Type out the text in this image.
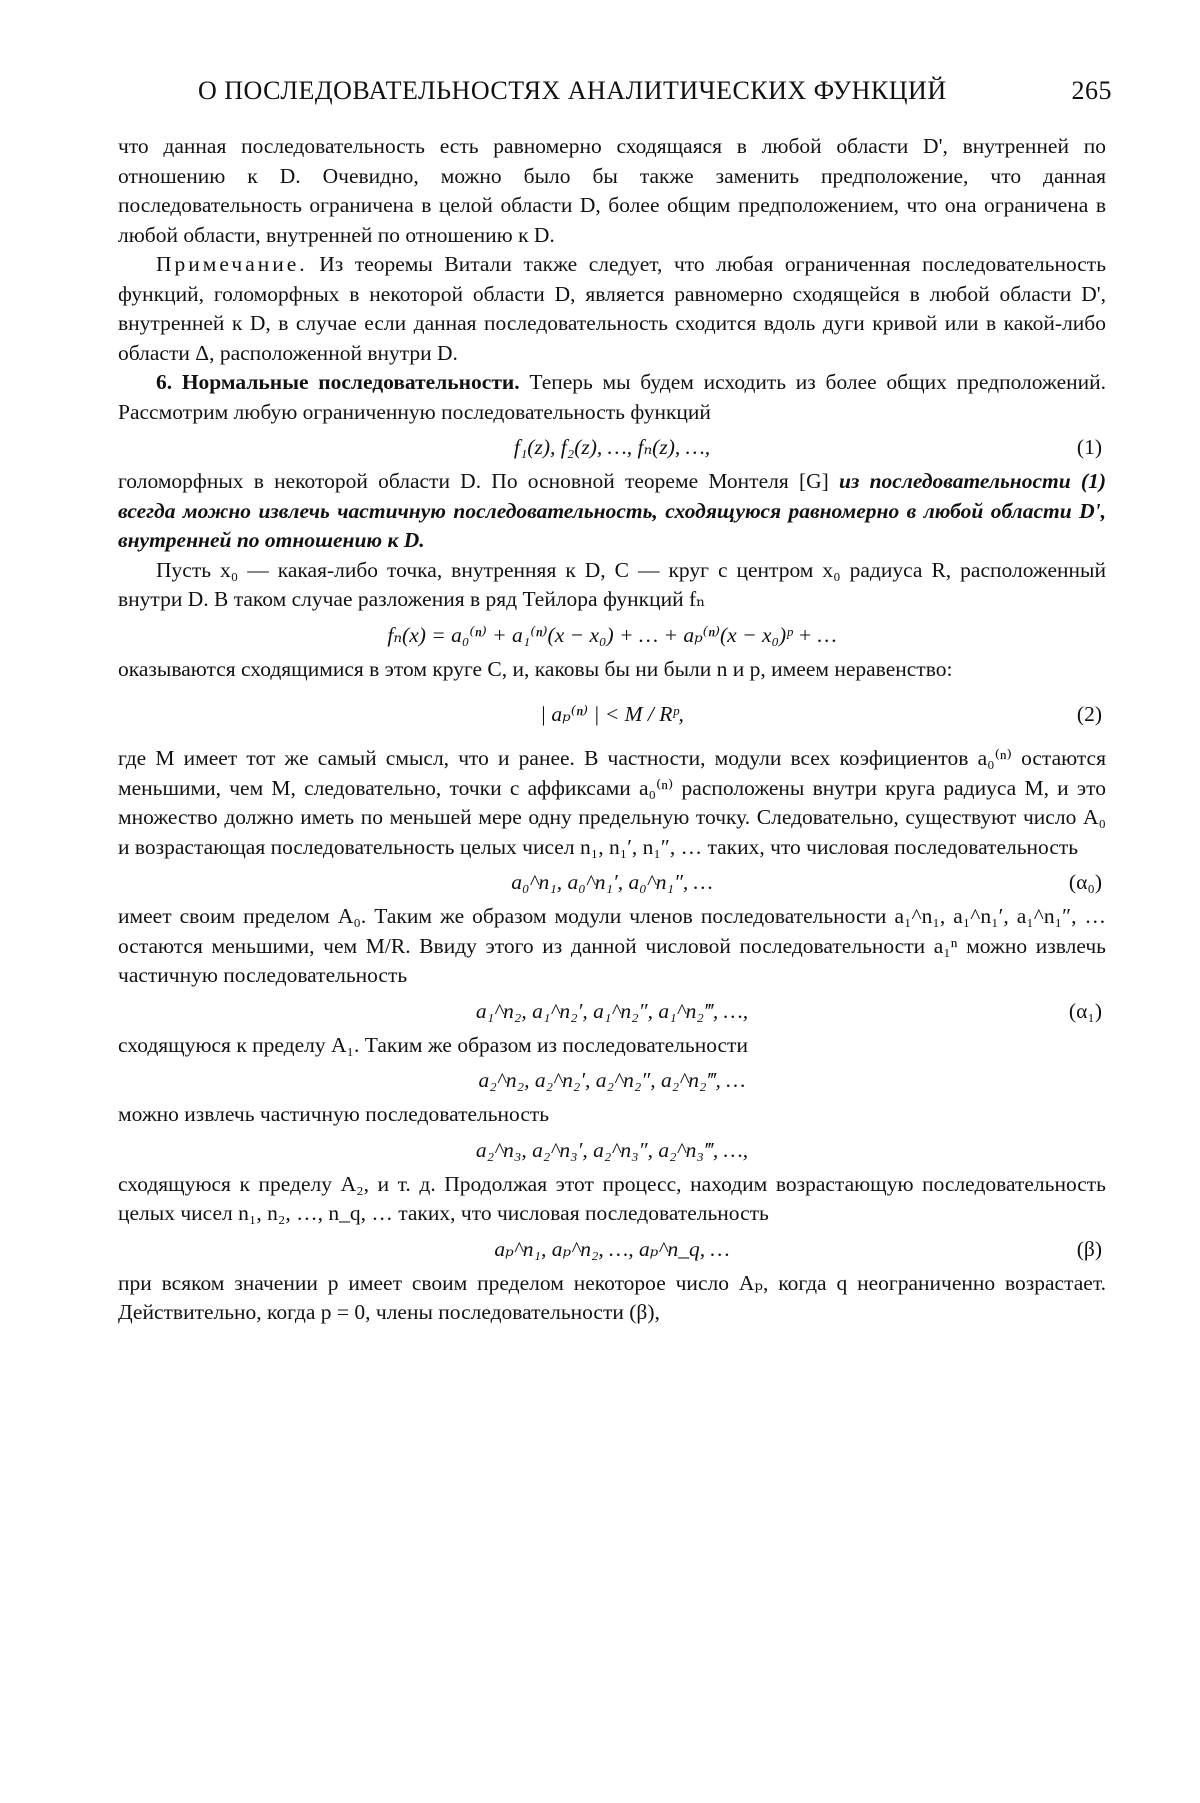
О ПОСЛЕДОВАТЕЛЬНОСТЯХ АНАЛИТИЧЕСКИХ ФУНКЦИЙ	265

что данная последовательность есть равномерно сходящаяся в любой области D', внутренней по отношению к D. Очевидно, можно было бы также заменить предположение, что данная последовательность ограничена в целой области D, более общим предположением, что она ограничена в любой области, внутренней по отношению к D.

Примечание. Из теоремы Витали также следует, что любая ограниченная последовательность функций, голоморфных в некоторой области D, является равномерно сходящейся в любой области D', внутренней к D, в случае если данная последовательность сходится вдоль дуги кривой или в какой-либо области Δ, расположенной внутри D.

6. Нормальные последовательности. Теперь мы будем исходить из более общих предположений. Рассмотрим любую ограниченную последовательность функций

f₁(z), f₂(z), …, fₙ(z), …,	(1)

голоморфных в некоторой области D. По основной теореме Монтеля [G] из последовательности (1) всегда можно извлечь частичную последовательность, сходящуюся равномерно в любой области D', внутренней по отношению к D.

Пусть x₀ — какая-либо точка, внутренняя к D, C — круг с центром x₀ радиуса R, расположенный внутри D. В таком случае разложения в ряд Тейлора функций fₙ

fₙ(x) = a₀⁽ⁿ⁾ + a₁⁽ⁿ⁾(x − x₀) + … + aₚ⁽ⁿ⁾(x − x₀)ᵖ + …

оказываются сходящимися в этом круге C, и, каковы бы ни были n и p, имеем неравенство:

| aₚ⁽ⁿ⁾ | < M / Rᵖ,	(2)

где M имеет тот же самый смысл, что и ранее. В частности, модули всех коэфициентов a₀⁽ⁿ⁾ остаются меньшими, чем M, следовательно, точки с аффиксами a₀⁽ⁿ⁾ расположены внутри круга радиуса M, и это множество должно иметь по меньшей мере одну предельную точку. Следовательно, существуют число A₀ и возрастающая последовательность целых чисел n₁, n₁′, n₁″, … таких, что числовая последовательность

a₀^n₁, a₀^n₁′, a₀^n₁″, …	(α₀)

имеет своим пределом A₀. Таким же образом модули членов последовательности a₁^n₁, a₁^n₁′, a₁^n₁″, … остаются меньшими, чем M/R. Ввиду этого из данной числовой последовательности a₁ⁿ можно извлечь частичную последовательность

a₁^n₂, a₁^n₂′, a₁^n₂″, a₁^n₂‴, …,	(α₁)

сходящуюся к пределу A₁. Таким же образом из последовательности

a₂^n₂, a₂^n₂′, a₂^n₂″, a₂^n₂‴, …

можно извлечь частичную последовательность

a₂^n₃, a₂^n₃′, a₂^n₃″, a₂^n₃‴, …,

сходящуюся к пределу A₂, и т. д. Продолжая этот процесс, находим возрастающую последовательность целых чисел n₁, n₂, …, n_q, … таких, что числовая последовательность

aₚ^n₁, aₚ^n₂, …, aₚ^n_q, …	(β)

при всяком значении p имеет своим пределом некоторое число Aₚ, когда q неограниченно возрастает. Действительно, когда p = 0, члены последовательности (β),
